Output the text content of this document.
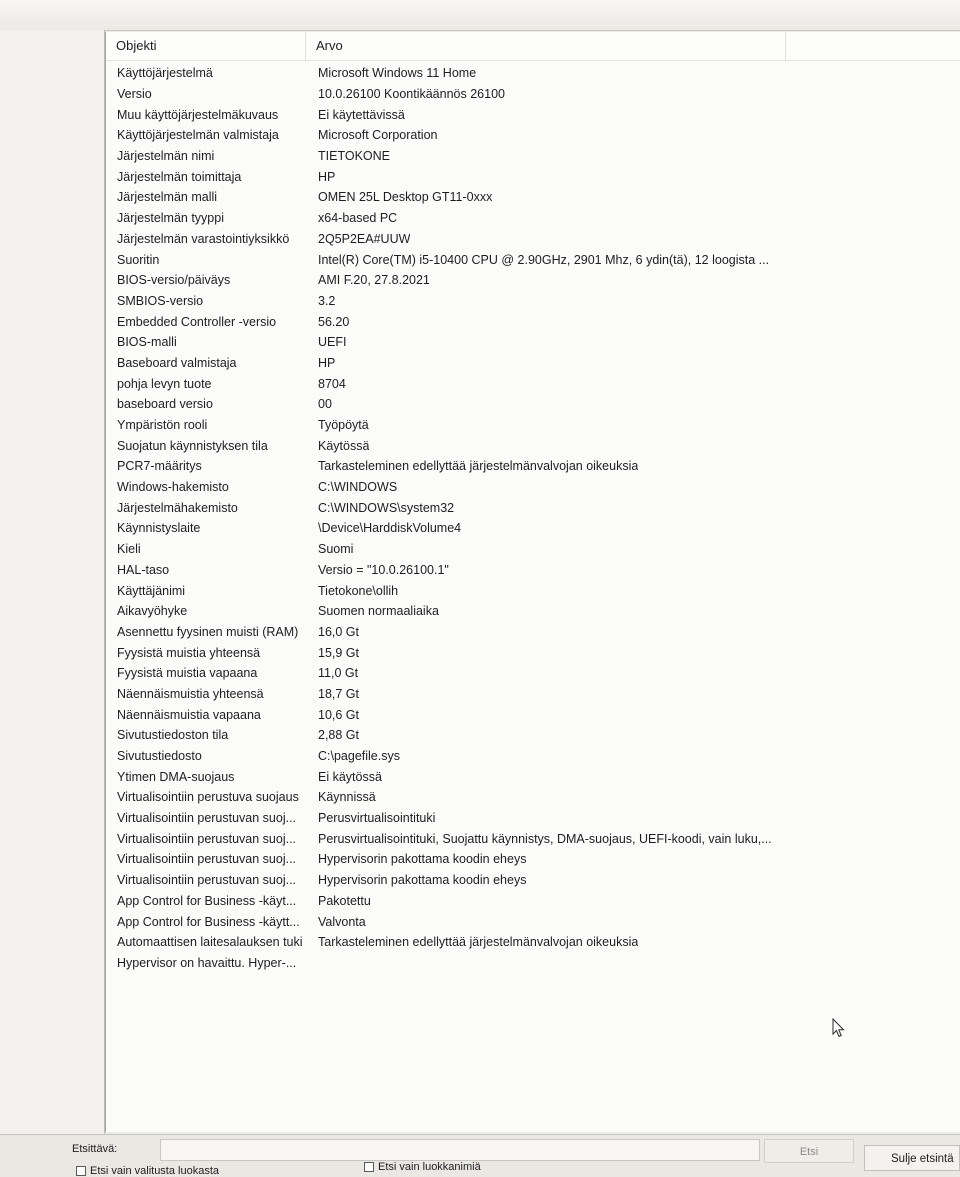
Objekti	Arvo
Käyttöjärjestelmä	Microsoft Windows 11 Home
Versio	10.0.26100 Koontikäännös 26100
Muu käyttöjärjestelmäkuvaus	Ei käytettävissä
Käyttöjärjestelmän valmistaja	Microsoft Corporation
Järjestelmän nimi	TIETOKONE
Järjestelmän toimittaja	HP
Järjestelmän malli	OMEN 25L Desktop GT11-0xxx
Järjestelmän tyyppi	x64-based PC
Järjestelmän varastointiyksikkö	2Q5P2EA#UUW
Suoritin	Intel(R) Core(TM) i5-10400 CPU @ 2.90GHz, 2901 Mhz, 6 ydin(tä), 12 loogista ...
BIOS-versio/päiväys	AMI F.20, 27.8.2021
SMBIOS-versio	3.2
Embedded Controller -versio	56.20
BIOS-malli	UEFI
Baseboard valmistaja	HP
pohja levyn tuote	8704
baseboard versio	00
Ympäristön rooli	Työpöytä
Suojatun käynnistyksen tila	Käytössä
PCR7-määritys	Tarkasteleminen edellyttää järjestelmänvalvojan oikeuksia
Windows-hakemisto	C:\WINDOWS
Järjestelmähakemisto	C:\WINDOWS\system32
Käynnistyslaite	\Device\HarddiskVolume4
Kieli	Suomi
HAL-taso	Versio = "10.0.26100.1"
Käyttäjänimi	Tietokone\ollih
Aikavyöhyke	Suomen normaaliaika
Asennettu fyysinen muisti (RAM)	16,0 Gt
Fyysistä muistia yhteensä	15,9 Gt
Fyysistä muistia vapaana	11,0 Gt
Näennäismuistia yhteensä	18,7 Gt
Näennäismuistia vapaana	10,6 Gt
Sivutustiedoston tila	2,88 Gt
Sivutustiedosto	C:\pagefile.sys
Ytimen DMA-suojaus	Ei käytössä
Virtualisointiin perustuva suojaus	Käynnissä
Virtualisointiin perustuvan suoj...	Perusvirtualisointituki
Virtualisointiin perustuvan suoj...	Perusvirtualisointituki, Suojattu käynnistys, DMA-suojaus, UEFI-koodi, vain luku,...
Virtualisointiin perustuvan suoj...	Hypervisorin pakottama koodin eheys
Virtualisointiin perustuvan suoj...	Hypervisorin pakottama koodin eheys
App Control for Business -käyt...	Pakotettu
App Control for Business -käytt...	Valvonta
Automaattisen laitesalauksen tuki	Tarkasteleminen edellyttää järjestelmänvalvojan oikeuksia
Hypervisor on havaittu. Hyper-...
Etsittävä:	Etsi
Sulje etsintä
Etsi vain valitusta luokasta	Etsi vain luokkanimiä
